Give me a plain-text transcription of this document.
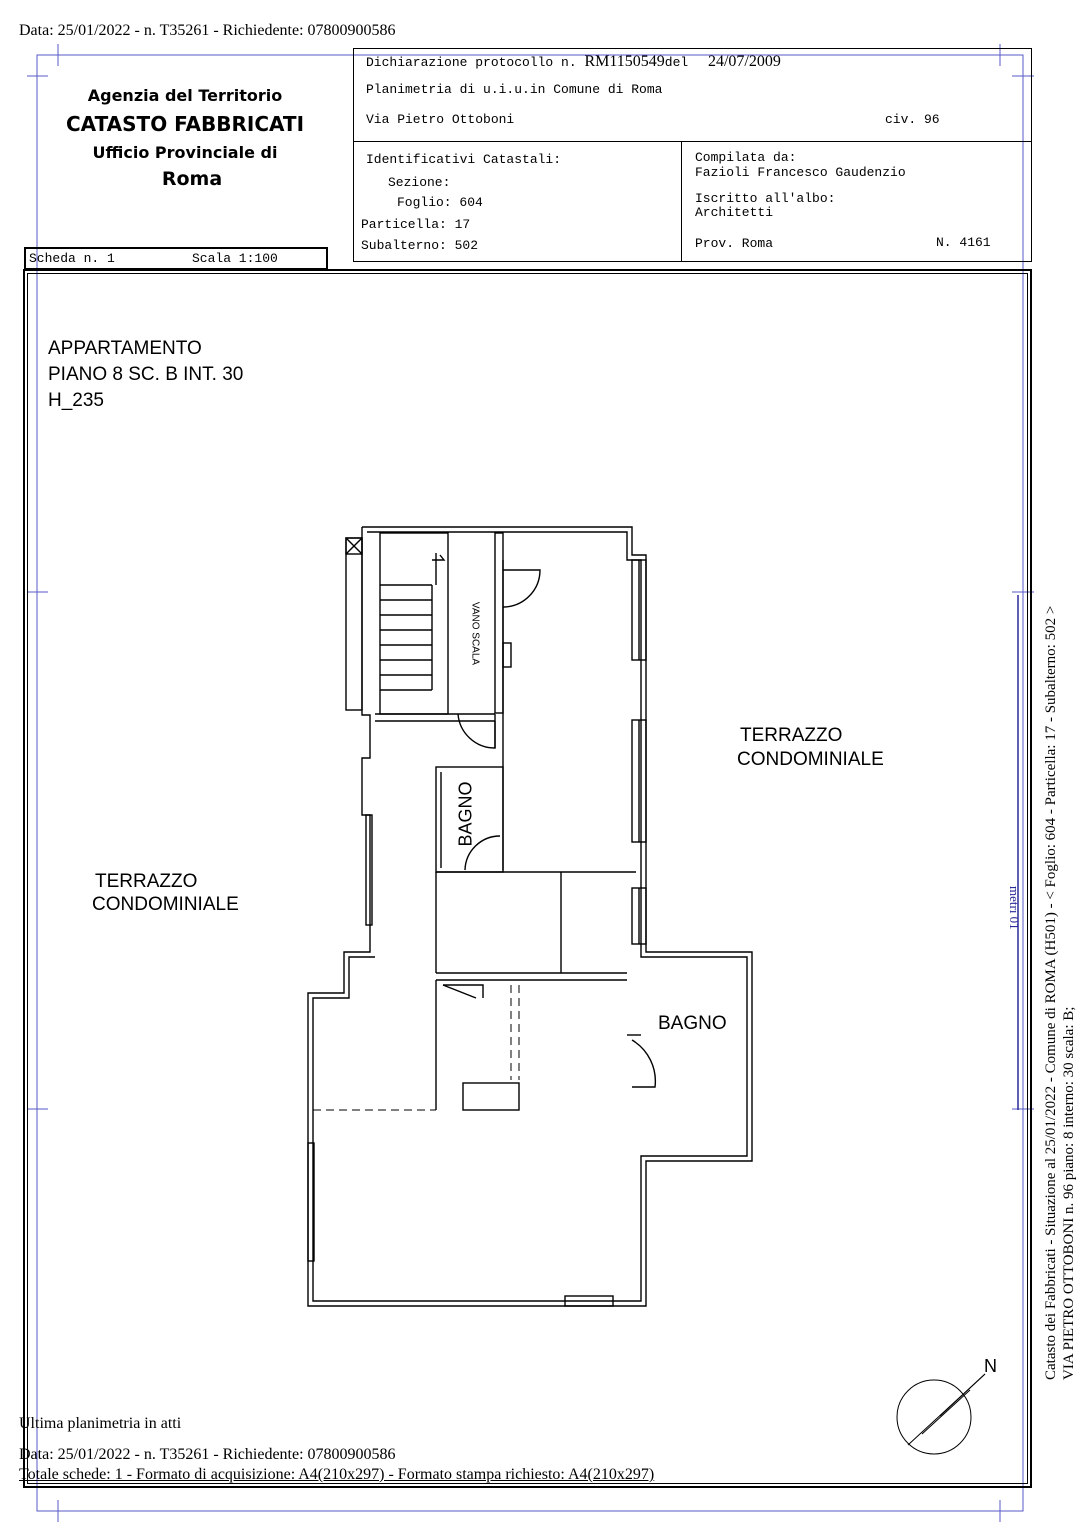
Data: 25/01/2022 - n. T35261 - Richiedente: 07800900586
Agenzia del Territorio
CATASTO FABBRICATI
Ufficio Provinciale di
Roma
Scheda n. 1	Scala 1:100
Dichiarazione protocollo n. RM1150549del 24/07/2009
Planimetria di u.i.u.in Comune di Roma
Via Pietro Ottoboni	civ. 96
Identificativi Catastali:
Sezione:
Foglio: 604
Particella: 17
Subalterno: 502
Compilata da:
Fazioli Francesco Gaudenzio
Iscritto all'albo:
Architetti
Prov. Roma	N. 4161
APPARTAMENTO
PIANO 8 SC. B INT. 30
H_235
TERRAZZO
CONDOMINIALE
TERRAZZO
CONDOMINIALE
BAGNO
BAGNO
VANO SCALA
N	Catasto dei Fabbricati - Situazione al 25/01/2022 - Comune di ROMA (H501) - < Foglio: 604 - Particella: 17 - Subalterno: 502 > VIA PIETRO OTTOBONI n. 96 piano: 8 interno: 30 scala: B;
metri 01
Ultima planimetria in atti
Data: 25/01/2022 - n. T35261 - Richiedente: 07800900586
Totale schede: 1 - Formato di acquisizione: A4(210x297) - Formato stampa richiesto: A4(210x297)
